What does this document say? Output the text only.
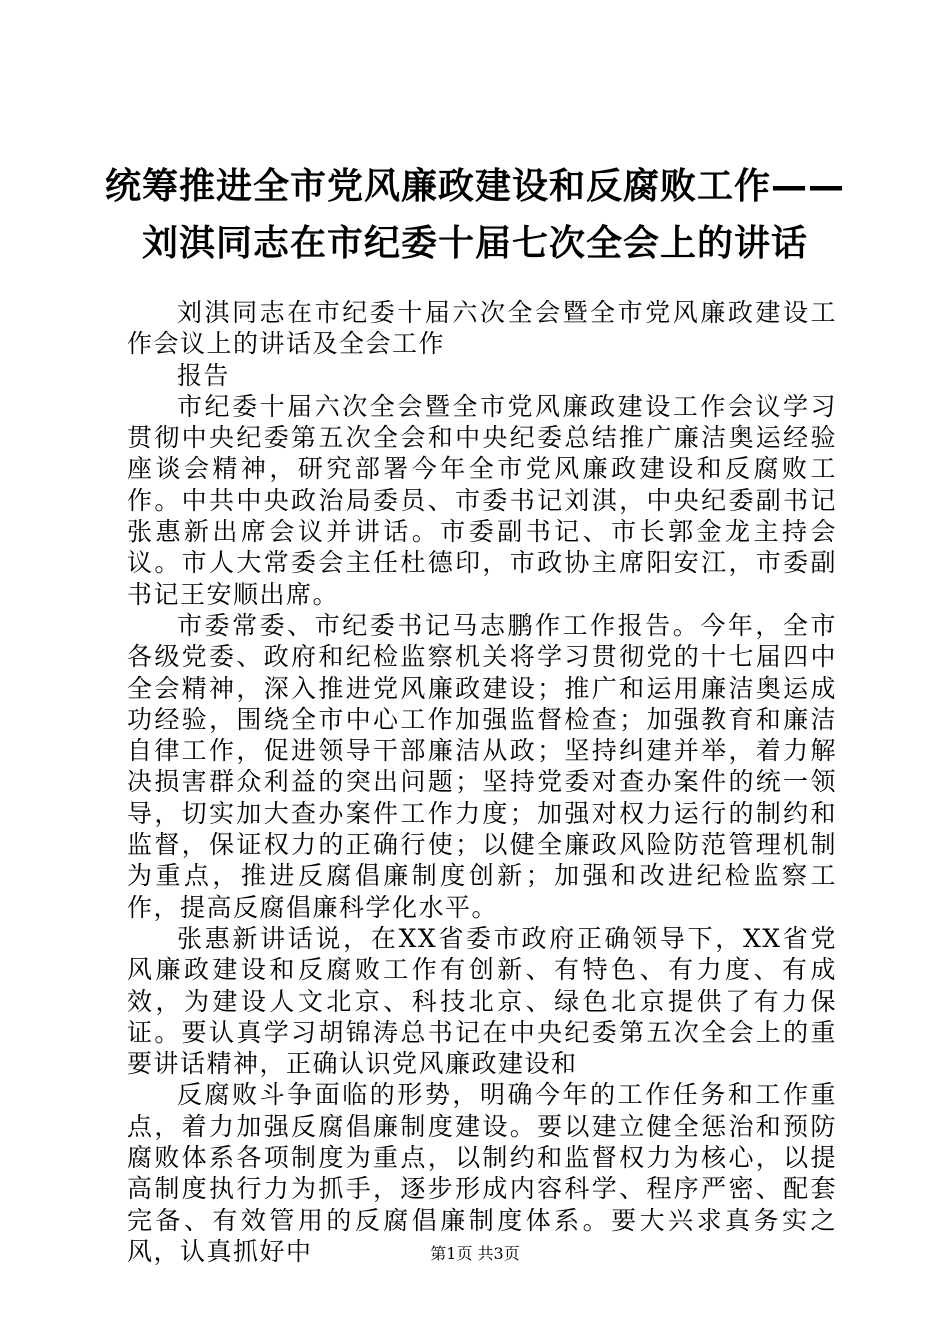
统筹推进全市党风廉政建设和反腐败工作——
刘淇同志在市纪委十届七次全会上的讲话

刘淇同志在市纪委十届六次全会暨全市党风廉政建设工作会议上的讲话及全会工作

报告

市纪委十届六次全会暨全市党风廉政建设工作会议学习贯彻中央纪委第五次全会和中央纪委总结推广廉洁奥运经验座谈会精神，研究部署今年全市党风廉政建设和反腐败工作。中共中央政治局委员、市委书记刘淇，中央纪委副书记张惠新出席会议并讲话。市委副书记、市长郭金龙主持会议。市人大常委会主任杜德印，市政协主席阳安江，市委副书记王安顺出席。

市委常委、市纪委书记马志鹏作工作报告。今年，全市各级党委、政府和纪检监察机关将学习贯彻党的十七届四中全会精神，深入推进党风廉政建设；推广和运用廉洁奥运成功经验，围绕全市中心工作加强监督检查；加强教育和廉洁自律工作，促进领导干部廉洁从政；坚持纠建并举，着力解决损害群众利益的突出问题；坚持党委对查办案件的统一领导，切实加大查办案件工作力度；加强对权力运行的制约和监督，保证权力的正确行使；以健全廉政风险防范管理机制为重点，推进反腐倡廉制度创新；加强和改进纪检监察工作，提高反腐倡廉科学化水平。

张惠新讲话说，在XX省委市政府正确领导下，XX省党风廉政建设和反腐败工作有创新、有特色、有力度、有成效，为建设人文北京、科技北京、绿色北京提供了有力保证。要认真学习胡锦涛总书记在中央纪委第五次全会上的重要讲话精神，正确认识党风廉政建设和

反腐败斗争面临的形势，明确今年的工作任务和工作重点，着力加强反腐倡廉制度建设。要以建立健全惩治和预防腐败体系各项制度为重点，以制约和监督权力为核心，以提高制度执行力为抓手，逐步形成内容科学、程序严密、配套完备、有效管用的反腐倡廉制度体系。要大兴求真务实之风，认真抓好中	第1页 共3页
